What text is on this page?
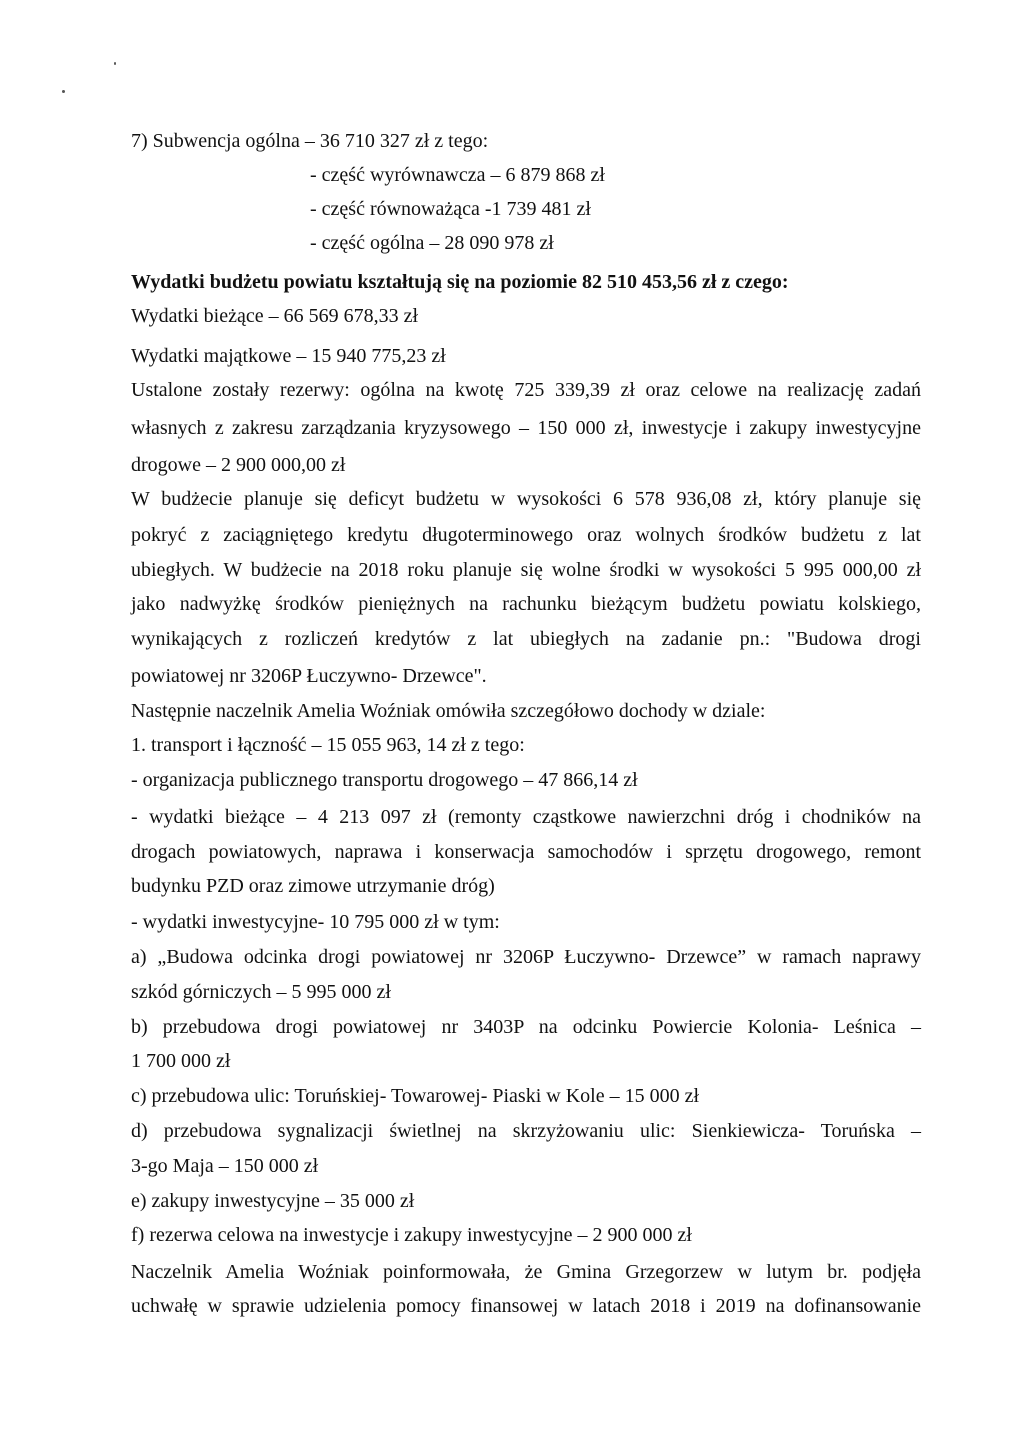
7) Subwencja ogólna – 36 710 327 zł z tego:
- część wyrównawcza – 6 879 868 zł
- część równoważąca -1 739 481 zł
- część ogólna – 28 090 978 zł
Wydatki budżetu powiatu kształtują się na poziomie 82 510 453,56 zł z czego:
Wydatki bieżące – 66 569 678,33 zł
Wydatki majątkowe – 15 940 775,23 zł
Ustalone zostały rezerwy: ogólna na kwotę 725 339,39 zł oraz celowe na realizację zadań
własnych z zakresu zarządzania kryzysowego – 150 000 zł, inwestycje i zakupy inwestycyjne
drogowe – 2 900 000,00 zł
W budżecie planuje się deficyt budżetu w wysokości 6 578 936,08 zł, który planuje się
pokryć z zaciągniętego kredytu długoterminowego oraz wolnych środków budżetu z lat
ubiegłych. W budżecie na 2018 roku planuje się wolne środki w wysokości 5 995 000,00 zł
jako nadwyżkę środków pieniężnych na rachunku bieżącym budżetu powiatu kolskiego,
wynikających z rozliczeń kredytów z lat ubiegłych na zadanie pn.: "Budowa drogi
powiatowej nr 3206P Łuczywno- Drzewce".
Następnie naczelnik Amelia Woźniak omówiła szczegółowo dochody w dziale:
1. transport i łączność – 15 055 963, 14 zł z tego:
- organizacja publicznego transportu drogowego – 47 866,14 zł
- wydatki bieżące – 4 213 097 zł (remonty cząstkowe nawierzchni dróg i chodników na
drogach powiatowych, naprawa i konserwacja samochodów i sprzętu drogowego, remont
budynku PZD oraz zimowe utrzymanie dróg)
- wydatki inwestycyjne- 10 795 000 zł w tym:
a) „Budowa odcinka drogi powiatowej nr 3206P Łuczywno- Drzewce” w ramach naprawy
szkód górniczych – 5 995 000 zł
b) przebudowa drogi powiatowej nr 3403P na odcinku Powiercie Kolonia- Leśnica –
1 700 000 zł
c) przebudowa ulic: Toruńskiej- Towarowej- Piaski w Kole – 15 000 zł
d) przebudowa sygnalizacji świetlnej na skrzyżowaniu ulic: Sienkiewicza- Toruńska –
3-go Maja – 150 000 zł
e) zakupy inwestycyjne – 35 000 zł
f) rezerwa celowa na inwestycje i zakupy inwestycyjne – 2 900 000 zł
Naczelnik Amelia Woźniak poinformowała, że Gmina Grzegorzew w lutym br. podjęła
uchwałę w sprawie udzielenia pomocy finansowej w latach 2018 i 2019 na dofinansowanie
